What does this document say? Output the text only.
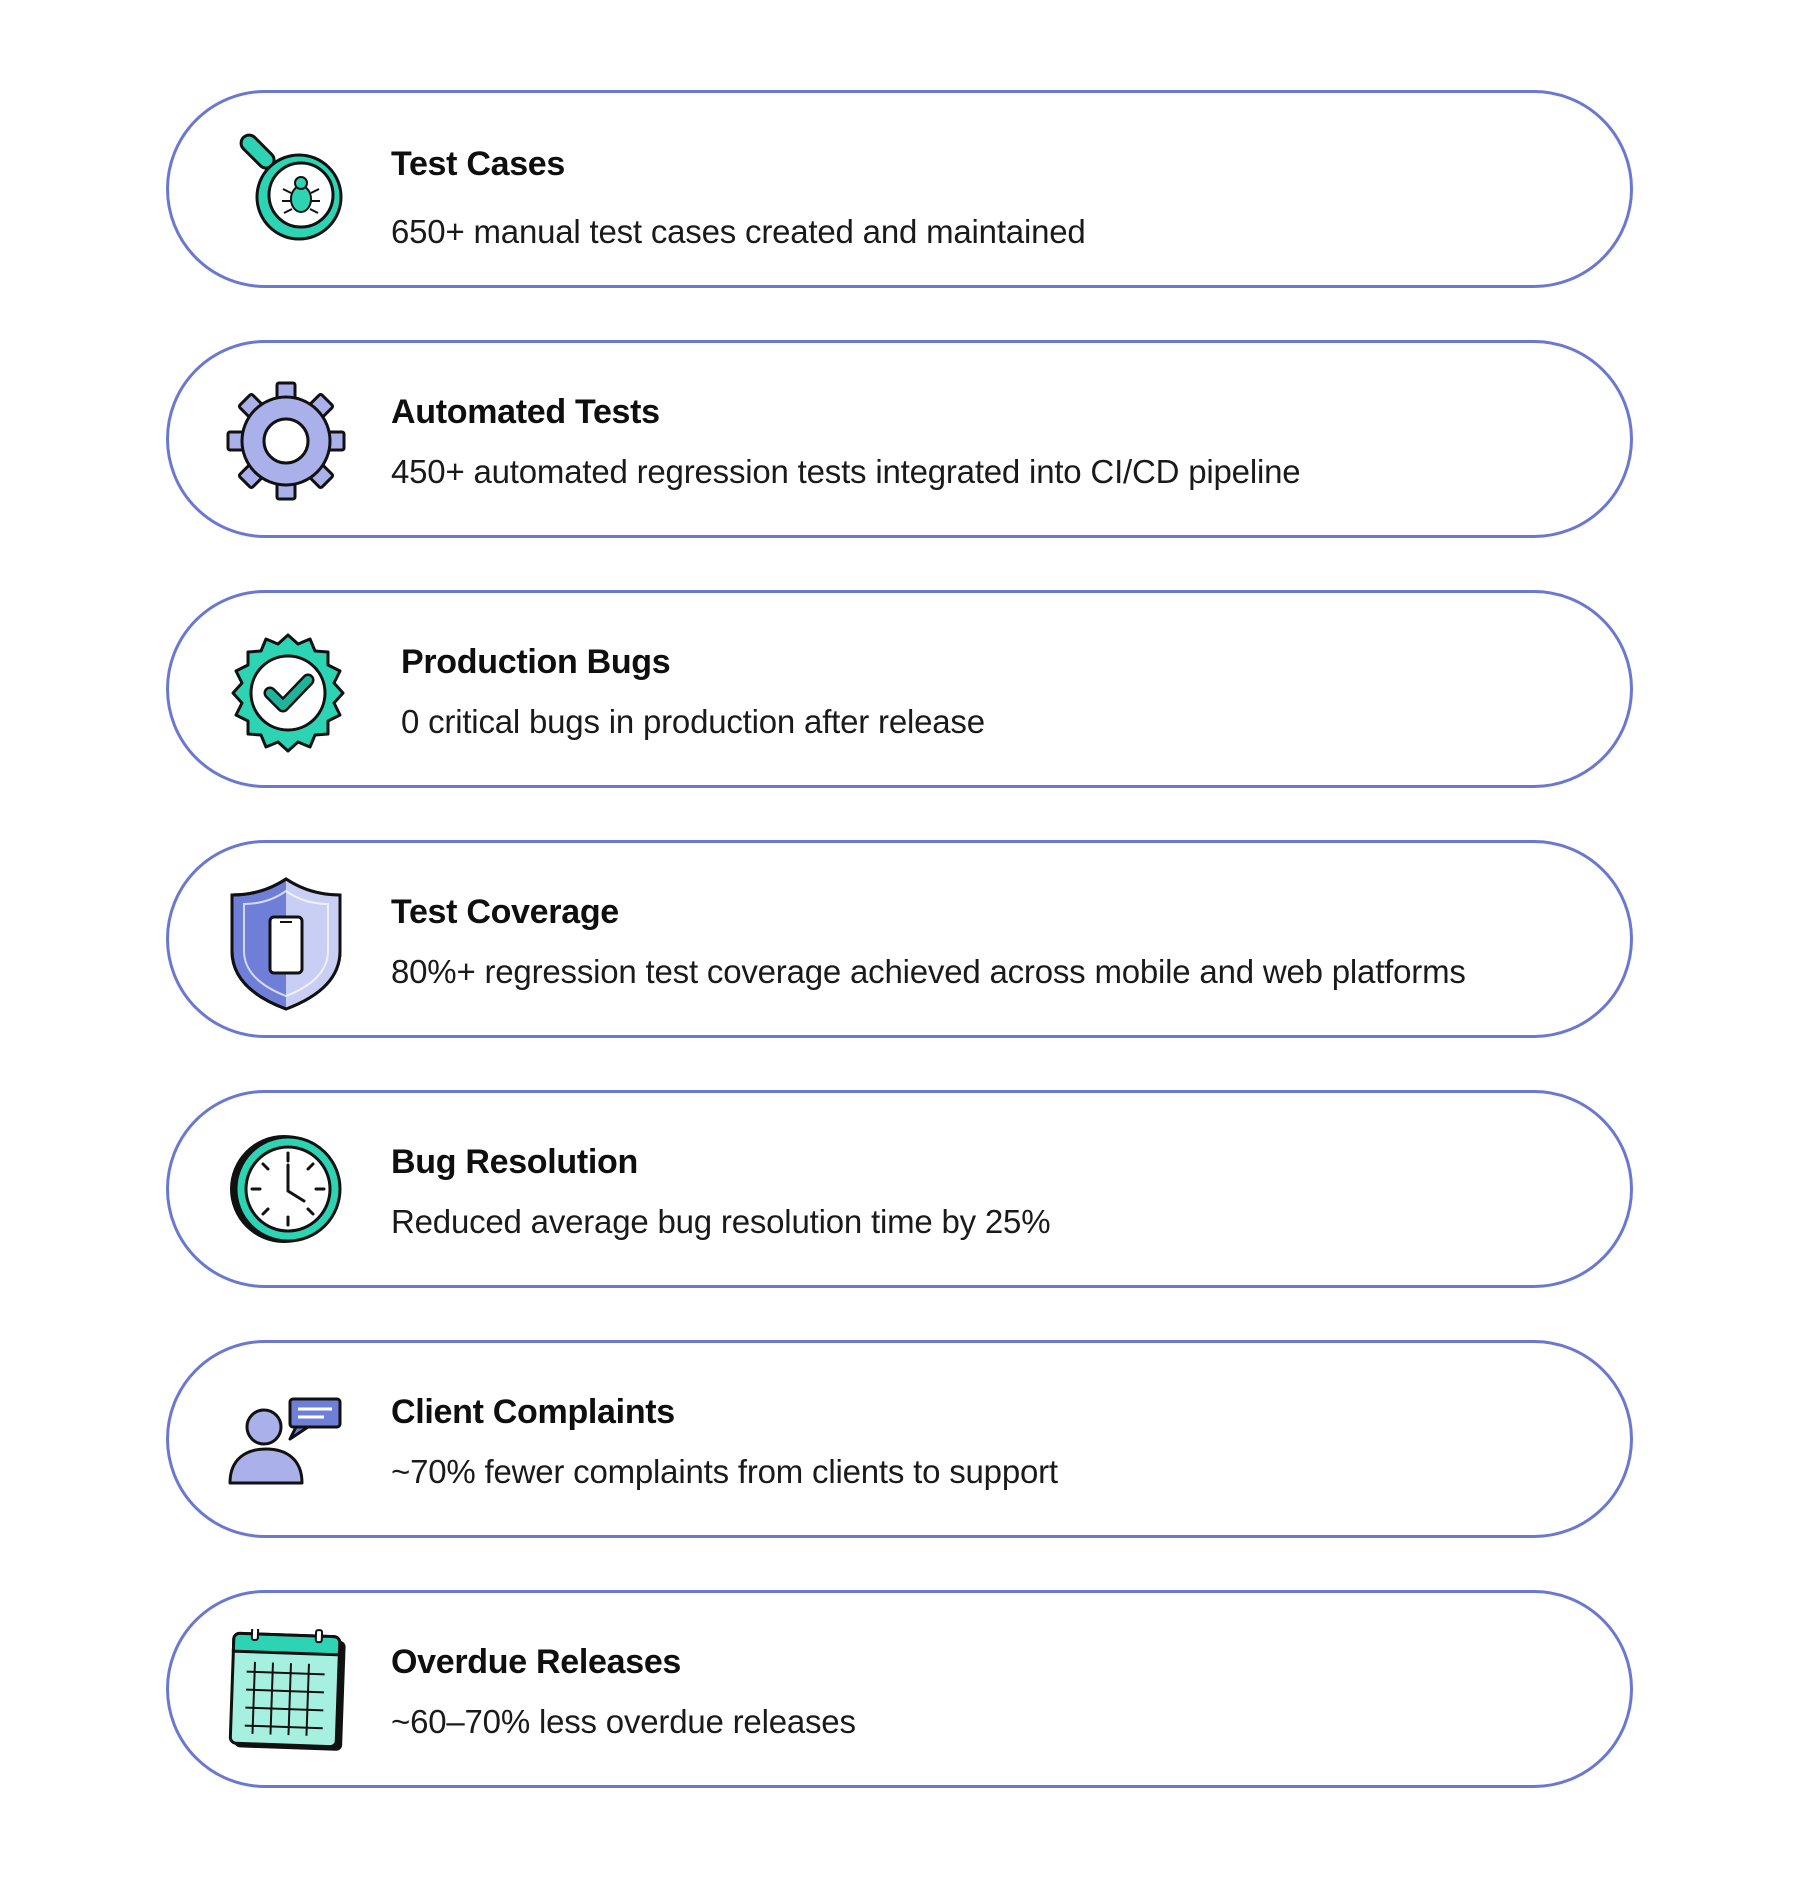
Test Cases
650+ manual test cases created and maintained
Automated Tests
450+ automated regression tests integrated into CI/CD pipeline
Production Bugs
0 critical bugs in production after release
Test Coverage
80%+ regression test coverage achieved across mobile and web platforms
Bug Resolution
Reduced average bug resolution time by 25%
Client Complaints
~70% fewer complaints from clients to support
Overdue Releases
~60–70% less overdue releases
